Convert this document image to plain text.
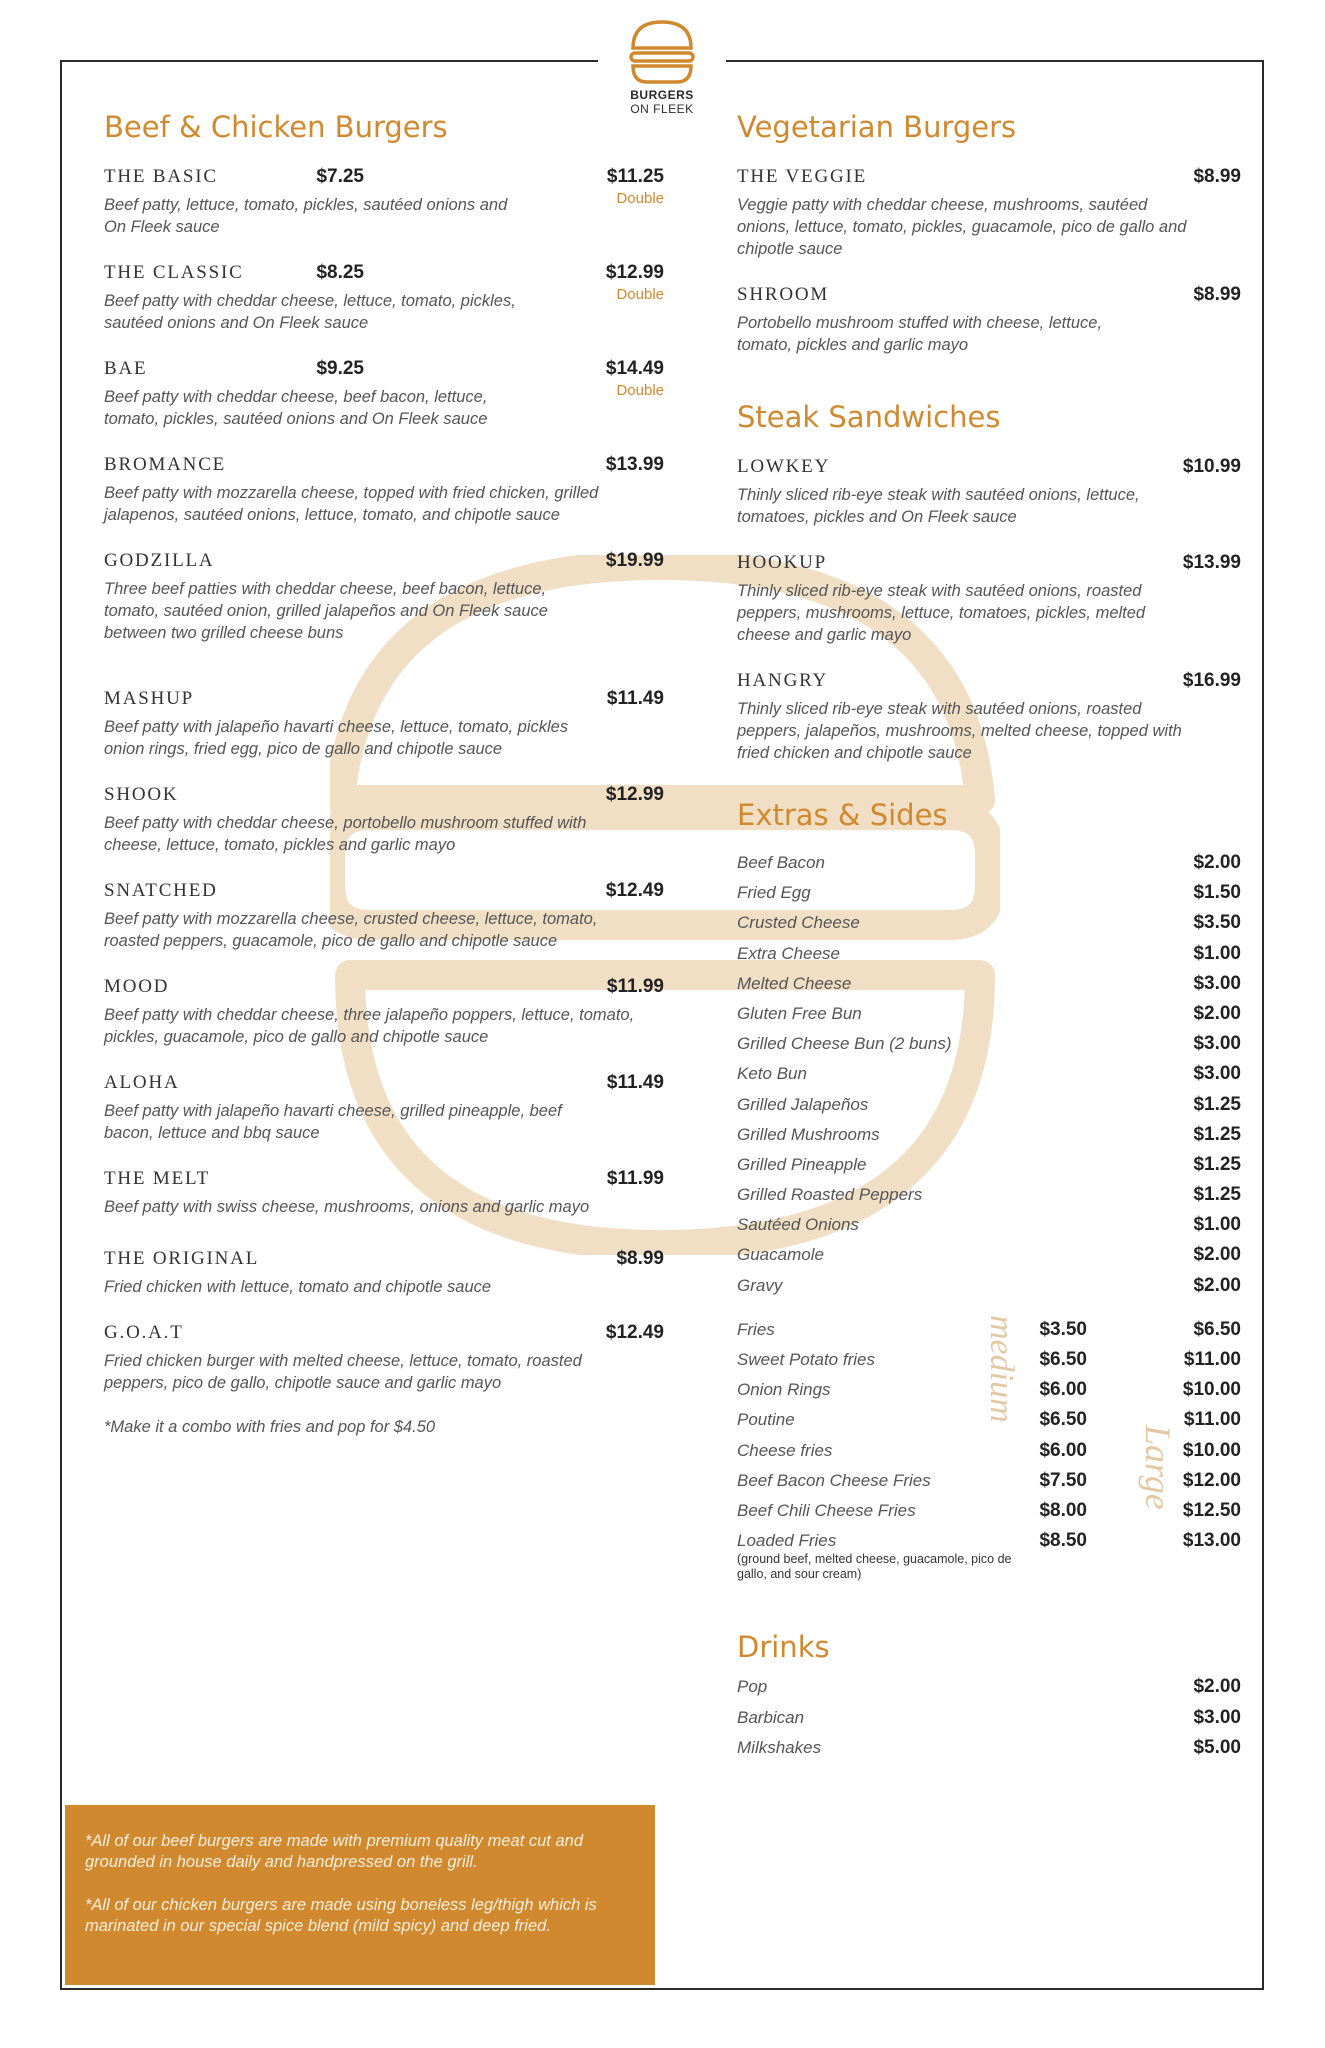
BURGERS
ON FLEEK
Beef & Chicken Burgers
THE BASIC	$7.25	$11.25
Double
Beef patty, lettuce, tomato, pickles, sautéed onions and On Fleek sauce
THE CLASSIC	$8.25	$12.99
Double
Beef patty with cheddar cheese, lettuce, tomato, pickles, sautéed onions and On Fleek sauce
BAE	$9.25	$14.49
Double
Beef patty with cheddar cheese, beef bacon, lettuce, tomato, pickles, sautéed onions and On Fleek sauce
BROMANCE	$13.99
Beef patty with mozzarella cheese, topped with fried chicken, grilled jalapenos, sautéed onions, lettuce, tomato, and chipotle sauce
GODZILLA	$19.99
Three beef patties with cheddar cheese, beef bacon, lettuce, tomato, sautéed onion, grilled jalapeños and On Fleek sauce between two grilled cheese buns
MASHUP	$11.49
Beef patty with jalapeño havarti cheese, lettuce, tomato, pickles onion rings, fried egg, pico de gallo and chipotle sauce
SHOOK	$12.99
Beef patty with cheddar cheese, portobello mushroom stuffed with cheese, lettuce, tomato, pickles and garlic mayo
SNATCHED	$12.49
Beef patty with mozzarella cheese, crusted cheese, lettuce, tomato, roasted peppers, guacamole, pico de gallo and chipotle sauce
MOOD	$11.99
Beef patty with cheddar cheese, three jalapeño poppers, lettuce, tomato, pickles, guacamole, pico de gallo and chipotle sauce
ALOHA	$11.49
Beef patty with jalapeño havarti cheese, grilled pineapple, beef bacon, lettuce and bbq sauce
THE MELT	$11.99
Beef patty with swiss cheese, mushrooms, onions and garlic mayo
THE ORIGINAL	$8.99
Fried chicken with lettuce, tomato and chipotle sauce
G.O.A.T	$12.49
Fried chicken burger with melted cheese, lettuce, tomato, roasted peppers, pico de gallo, chipotle sauce and garlic mayo
*Make it a combo with fries and pop for $4.50

*All of our beef burgers are made with premium quality meat cut and grounded in house daily and handpressed on the grill.

*All of our chicken burgers are made using boneless leg/thigh which is marinated in our special spice blend (mild spicy) and deep fried.

Vegetarian Burgers
THE VEGGIE	$8.99
Veggie patty with cheddar cheese, mushrooms, sautéed onions, lettuce, tomato, pickles, guacamole, pico de gallo and chipotle sauce
SHROOM	$8.99
Portobello mushroom stuffed with cheese, lettuce, tomato, pickles and garlic mayo
Steak Sandwiches
LOWKEY	$10.99
Thinly sliced rib-eye steak with sautéed onions, lettuce, tomatoes, pickles and On Fleek sauce
HOOKUP	$13.99
Thinly sliced rib-eye steak with sautéed onions, roasted peppers, mushrooms, lettuce, tomatoes, pickles, melted cheese and garlic mayo
HANGRY	$16.99
Thinly sliced rib-eye steak with sautéed onions, roasted peppers, jalapeños, mushrooms, melted cheese, topped with fried chicken and chipotle sauce
Extras & Sides
Beef Bacon	$2.00
Fried Egg	$1.50
Crusted Cheese	$3.50
Extra Cheese	$1.00
Melted Cheese	$3.00
Gluten Free Bun	$2.00
Grilled Cheese Bun (2 buns)	$3.00
Keto Bun	$3.00
Grilled Jalapeños	$1.25
Grilled Mushrooms	$1.25
Grilled Pineapple	$1.25
Grilled Roasted Peppers	$1.25
Sautéed Onions	$1.00
Guacamole	$2.00
Gravy	$2.00
medium
Large
Fries	$3.50	$6.50
Sweet Potato fries	$6.50	$11.00
Onion Rings	$6.00	$10.00
Poutine	$6.50	$11.00
Cheese fries	$6.00	$10.00
Beef Bacon Cheese Fries	$7.50	$12.00
Beef Chili Cheese Fries	$8.00	$12.50
Loaded Fries	$8.50	$13.00
(ground beef, melted cheese, guacamole, pico de gallo, and sour cream)
Drinks
Pop	$2.00
Barbican	$3.00
Milkshakes	$5.00
